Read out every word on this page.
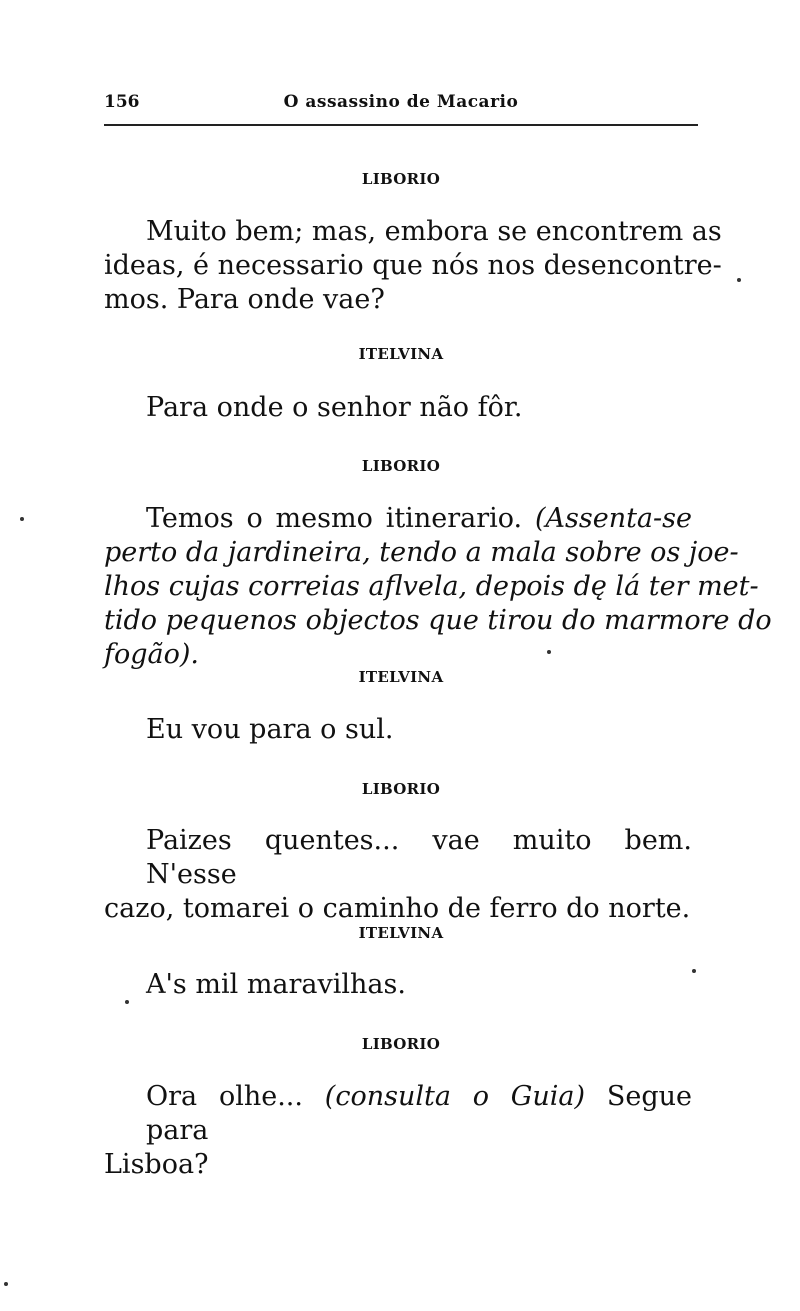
156	O assassino de Macario
LIBORIO
Muito bem; mas, embora se encontrem as
ideas, é necessario que nós nos desencontre-
mos. Para onde vae?
ITELVINA
Para onde o senhor não fôr.
LIBORIO
Temos o mesmo itinerario. (Assenta-se
perto da jardineira, tendo a mala sobre os joe-
lhos cujas correias aflvela, depois dę lá ter met-
tido pequenos objectos que tirou do marmore do
fogão).
ITELVINA
Eu vou para o sul.
LIBORIO
Paizes quentes... vae muito bem. N'esse
cazo, tomarei o caminho de ferro do norte.
ITELVINA
A's mil maravilhas.
LIBORIO
Ora olhe... (consulta o Guia) Segue para
Lisboa?
